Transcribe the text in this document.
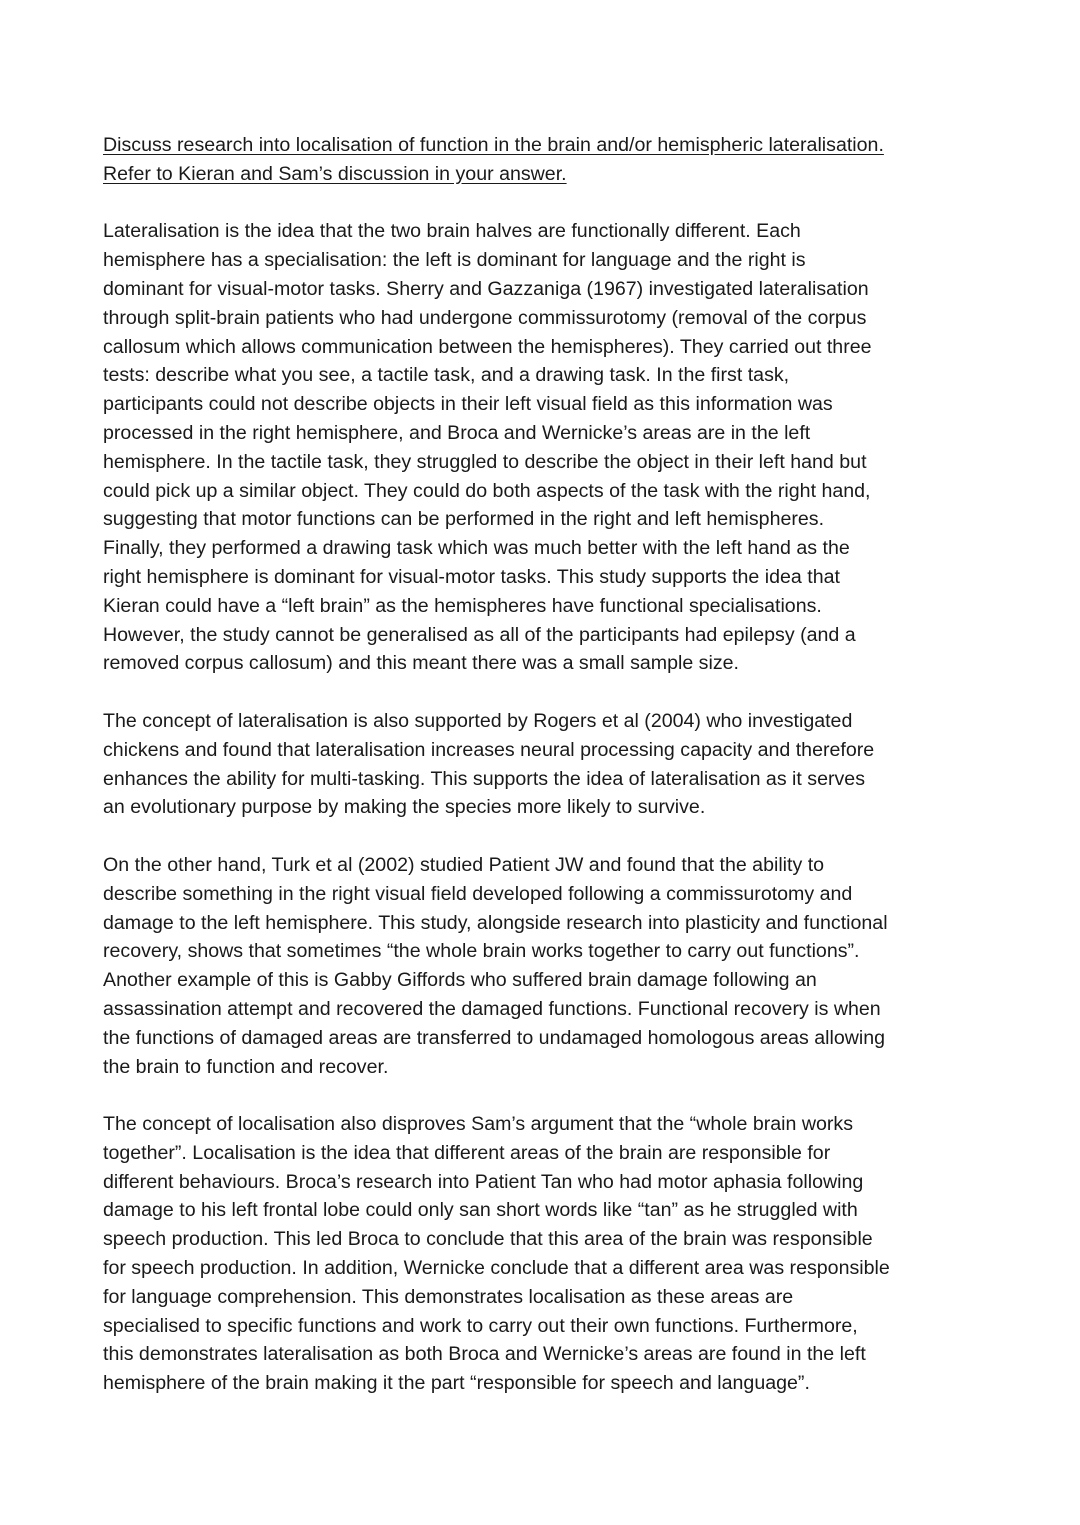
Discuss research into localisation of function in the brain and/or hemispheric lateralisation.
Refer to Kieran and Sam’s discussion in your answer.

Lateralisation is the idea that the two brain halves are functionally different. Each
hemisphere has a specialisation: the left is dominant for language and the right is
dominant for visual-motor tasks. Sherry and Gazzaniga (1967) investigated lateralisation
through split-brain patients who had undergone commissurotomy (removal of the corpus
callosum which allows communication between the hemispheres). They carried out three
tests: describe what you see, a tactile task, and a drawing task. In the first task,
participants could not describe objects in their left visual field as this information was
processed in the right hemisphere, and Broca and Wernicke’s areas are in the left
hemisphere. In the tactile task, they struggled to describe the object in their left hand but
could pick up a similar object. They could do both aspects of the task with the right hand,
suggesting that motor functions can be performed in the right and left hemispheres.
Finally, they performed a drawing task which was much better with the left hand as the
right hemisphere is dominant for visual-motor tasks. This study supports the idea that
Kieran could have a “left brain” as the hemispheres have functional specialisations.
However, the study cannot be generalised as all of the participants had epilepsy (and a
removed corpus callosum) and this meant there was a small sample size.
The concept of lateralisation is also supported by Rogers et al (2004) who investigated
chickens and found that lateralisation increases neural processing capacity and therefore
enhances the ability for multi-tasking. This supports the idea of lateralisation as it serves
an evolutionary purpose by making the species more likely to survive.
On the other hand, Turk et al (2002) studied Patient JW and found that the ability to
describe something in the right visual field developed following a commissurotomy and
damage to the left hemisphere. This study, alongside research into plasticity and functional
recovery, shows that sometimes “the whole brain works together to carry out functions”.
Another example of this is Gabby Giffords who suffered brain damage following an
assassination attempt and recovered the damaged functions. Functional recovery is when
the functions of damaged areas are transferred to undamaged homologous areas allowing
the brain to function and recover.
The concept of localisation also disproves Sam’s argument that the “whole brain works
together”. Localisation is the idea that different areas of the brain are responsible for
different behaviours. Broca’s research into Patient Tan who had motor aphasia following
damage to his left frontal lobe could only san short words like “tan” as he struggled with
speech production. This led Broca to conclude that this area of the brain was responsible
for speech production. In addition, Wernicke conclude that a different area was responsible
for language comprehension. This demonstrates localisation as these areas are
specialised to specific functions and work to carry out their own functions. Furthermore,
this demonstrates lateralisation as both Broca and Wernicke’s areas are found in the left
hemisphere of the brain making it the part “responsible for speech and language”.
